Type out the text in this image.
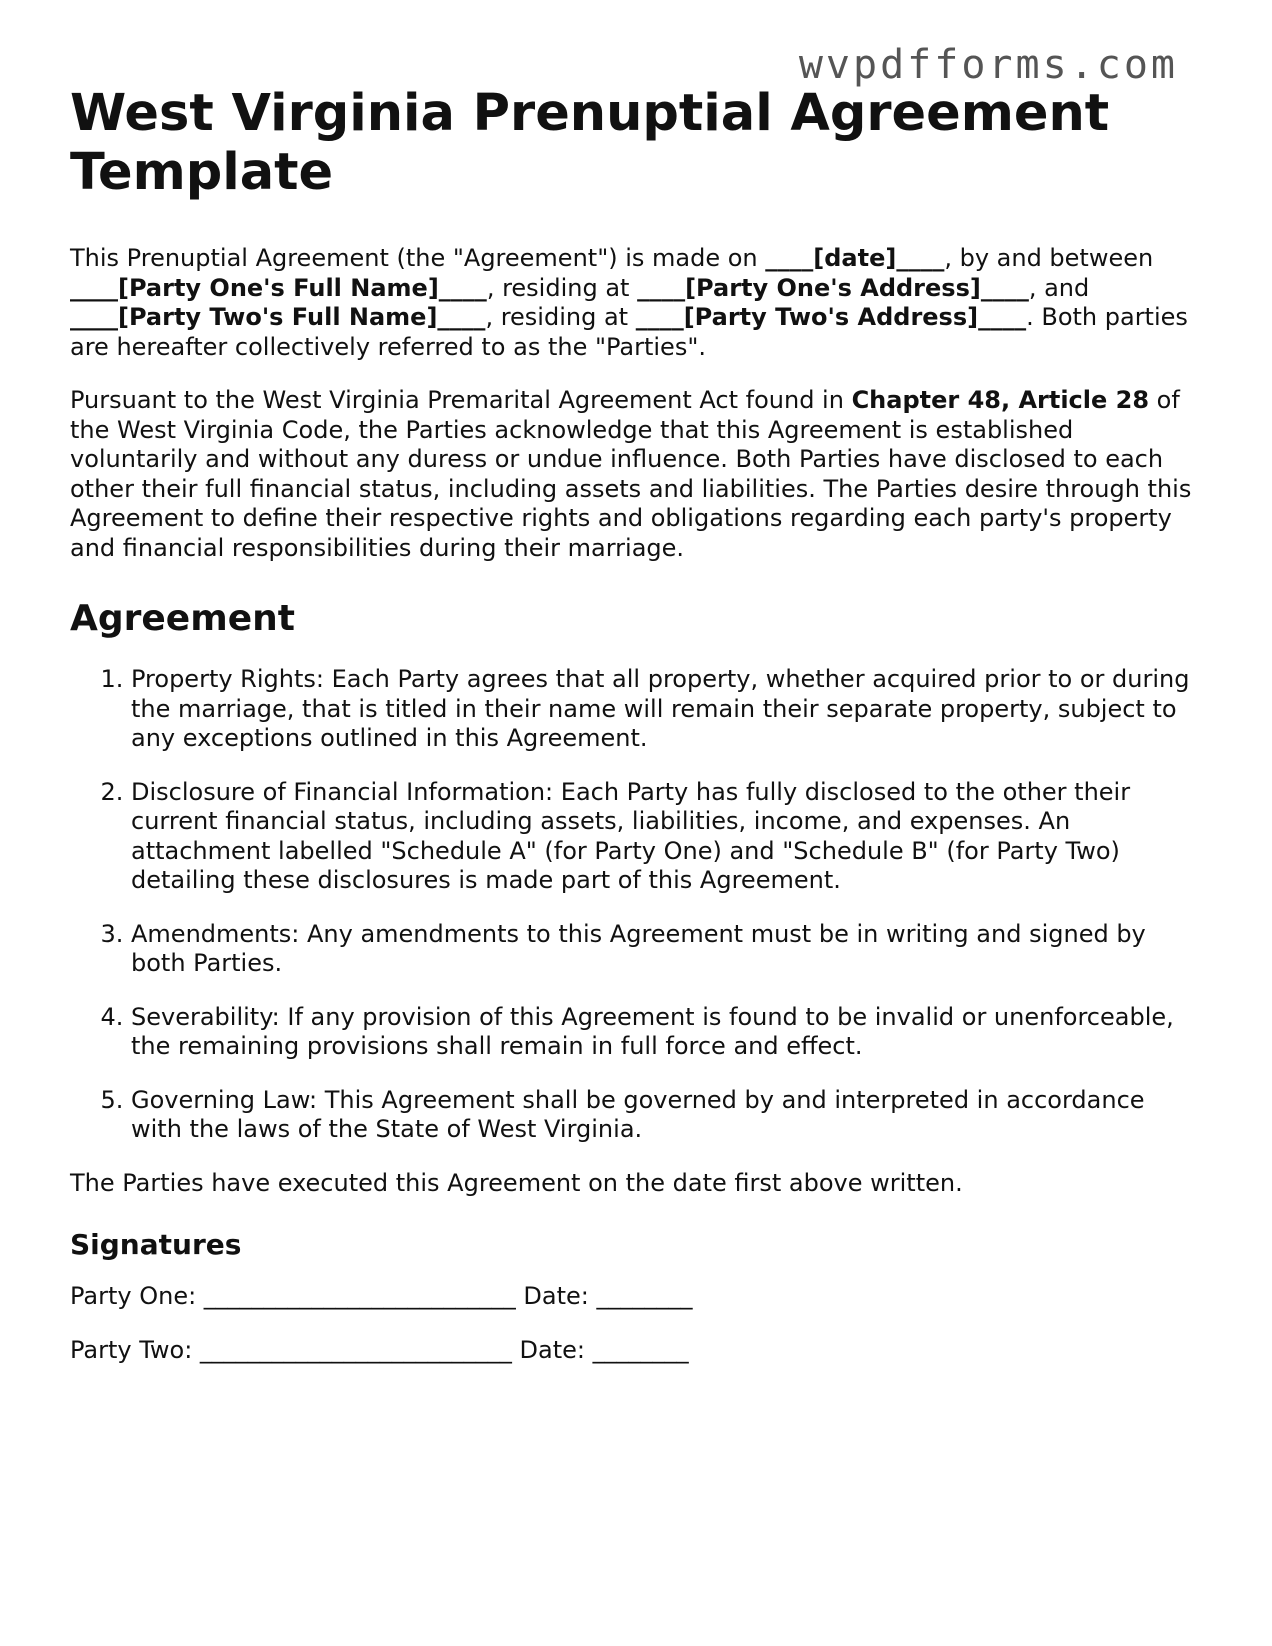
wvpdfforms.com
West Virginia Prenuptial Agreement Template

This Prenuptial Agreement (the "Agreement") is made on ____[date]____, by and between ____[Party One's Full Name]____, residing at ____[Party One's Address]____, and ____[Party Two's Full Name]____, residing at ____[Party Two's Address]____. Both parties are hereafter collectively referred to as the "Parties".

Pursuant to the West Virginia Premarital Agreement Act found in Chapter 48, Article 28 of the West Virginia Code, the Parties acknowledge that this Agreement is established voluntarily and without any duress or undue influence. Both Parties have disclosed to each other their full financial status, including assets and liabilities. The Parties desire through this Agreement to define their respective rights and obligations regarding each party's property and financial responsibilities during their marriage.

Agreement
1. Property Rights: Each Party agrees that all property, whether acquired prior to or during the marriage, that is titled in their name will remain their separate property, subject to any exceptions outlined in this Agreement.
2. Disclosure of Financial Information: Each Party has fully disclosed to the other their current financial status, including assets, liabilities, income, and expenses. An attachment labelled "Schedule A" (for Party One) and "Schedule B" (for Party Two) detailing these disclosures is made part of this Agreement.
3. Amendments: Any amendments to this Agreement must be in writing and signed by both Parties.
4. Severability: If any provision of this Agreement is found to be invalid or unenforceable, the remaining provisions shall remain in full force and effect.
5. Governing Law: This Agreement shall be governed by and interpreted in accordance with the laws of the State of West Virginia.

The Parties have executed this Agreement on the date first above written.

Signatures

Party One: __________________________ Date: ________

Party Two: __________________________ Date: ________
